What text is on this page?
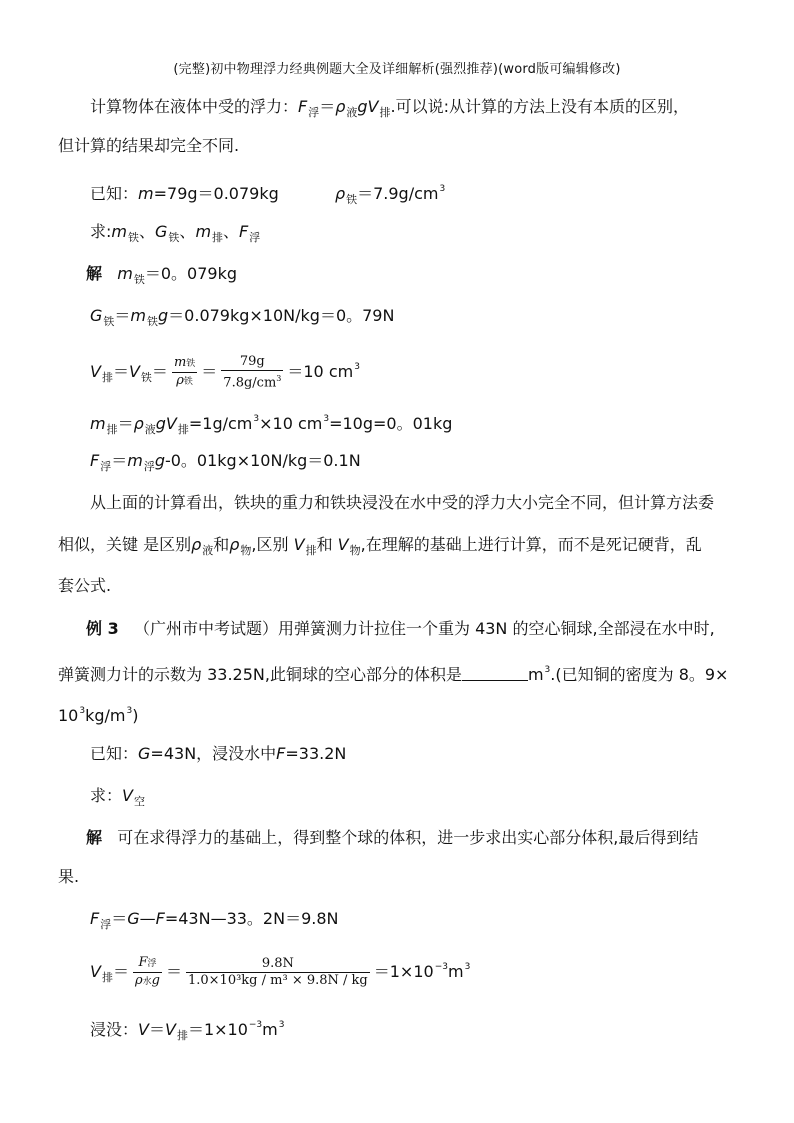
(完整)初中物理浮力经典例题大全及详细解析(强烈推荐)(word版可编辑修改)
计算物体在液体中受的浮力：$F_浮=\rho_液gV_排$.可以说:从计算的方法上没有本质的区别，
但计算的结果却完全不同.
已知：m=79g＝0.079kg	$\rho_铁=7.9g/cm^3$
求$:m_铁$、$G_铁$、$m_排$、$F_浮$
解 $m_铁=0$。079kg
$G_铁=m_铁g=0.079kg\times 10N/kg=0$。79N
$V_排=V_铁= \frac{\text{m铁}}{\text{ρ铁}} = \frac{79g}{7.8g/cm^3} =10$ $cm^3$
$m_排=\rho_液gV_排=1g/cm^3\times 10$ $cm^3=10g=0$。01kg
$F_浮=m_浮g-0$。01kg×10N/kg＝0.1N
从上面的计算看出，铁块的重力和铁块浸没在水中受的浮力大小完全不同，但计算方法委
相似，关键 是区别$\rho_液$和$\rho_物$,区别 $V_排$和 $V_物$,在理解的基础上进行计算，而不是死记硬背，乱
套公式.
例 3 （广州市中考试题）用弹簧测力计拉住一个重为 43N 的空心铜球,全部浸在水中时,
弹簧测力计的示数为 33.25N,此铜球的空心部分的体积是	$m^3$.(已知铜的密度为 8。9×
$10^3kg/m^3$)
已知：G=43N，浸没水中F=33.2N
求：$V_空$
解 可在求得浮力的基础上，得到整个球的体积，进一步求出实心部分体积,最后得到结
果.
$F_浮=G—F=43N—33$。2N＝9.8N
$V_排= \frac{\text{F浮}}{\text{ρ水g}} = \frac{9.8N}{\text{1.0×10³kg / m³ × 9.8N / kg}} =1\times 10^{-3}m^3$
浸没：$V=V_排=1\times 10^{-3}m^3$
